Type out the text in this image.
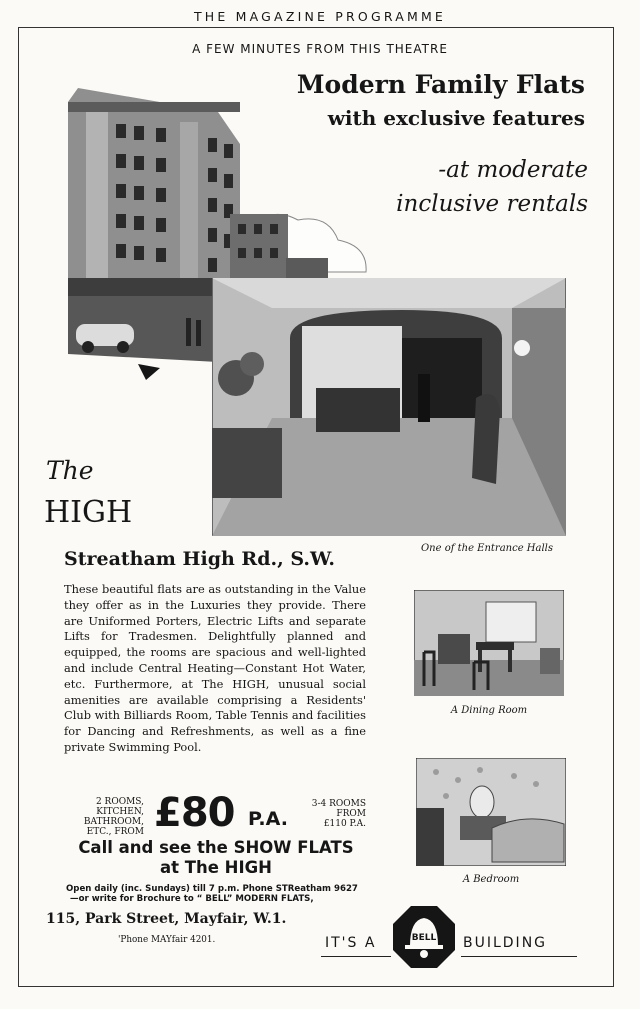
THE MAGAZINE PROGRAMME
A FEW MINUTES FROM THIS THEATRE
Modern Family Flats
with exclusive features
-at moderate
inclusive rentals
The
HIGH
One of the Entrance Halls
Streatham High Rd., S.W.

These beautiful flats are as outstanding in the Value they offer as in the Luxuries they provide. There are Uniformed Porters, Electric Lifts and separate Lifts for Tradesmen. Delightfully planned and equipped, the rooms are spacious and well-lighted and include Central Heating—Constant Hot Water, etc. Furthermore, at The HIGH, unusual social amenities are available comprising a Residents' Club with Billiards Room, Table Tennis and facilities for Dancing and Refreshments, as well as a fine private Swimming Pool.

A Dining Room
A Bedroom
2 ROOMS,
KITCHEN,
BATHROOM,
ETC., FROM £80 P.A.
3-4 ROOMS
FROM
£110 P.A.
Call and see the SHOW FLATS
at The HIGH
Open daily (inc. Sundays) till 7 p.m. Phone STReatham 9627
—or write for Brochure to “ BELL” MODERN FLATS,
115, Park Street, Mayfair, W.1.
'Phone MAYfair 4201.	IT'S A	BELL BUILDING
